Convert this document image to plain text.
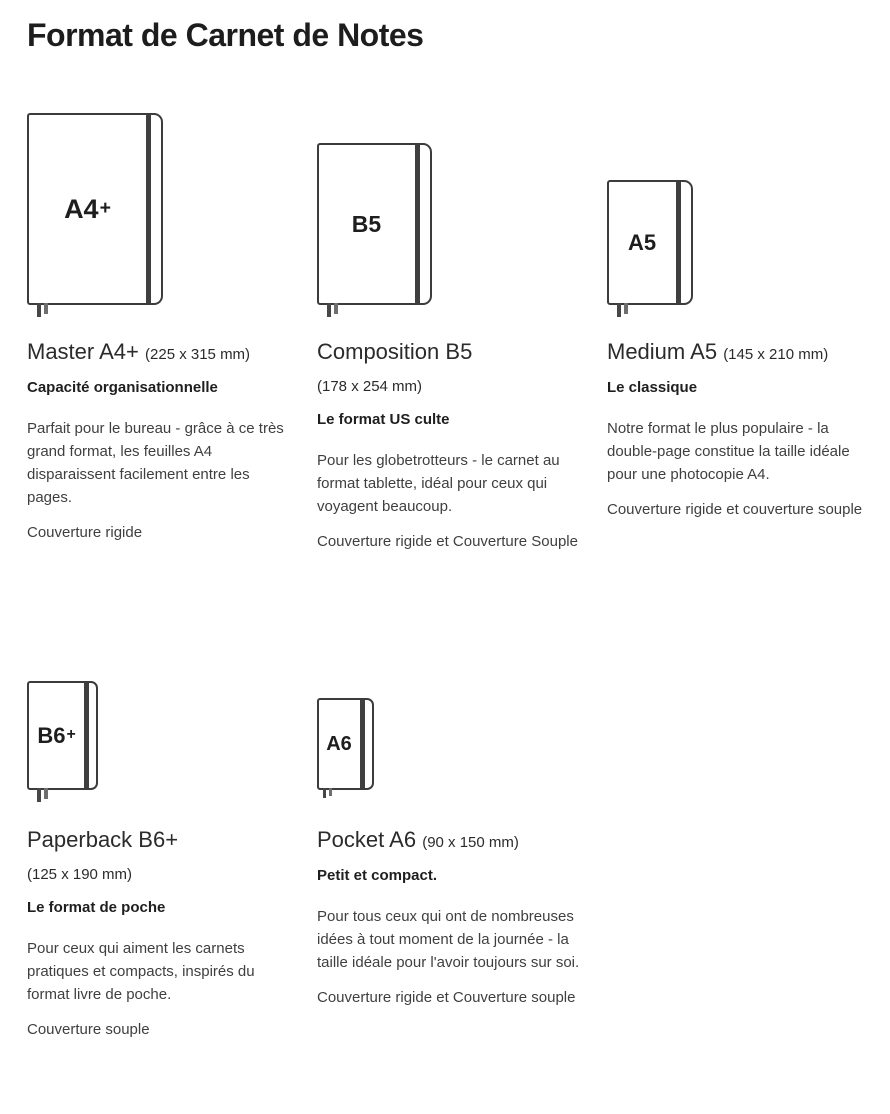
Format de Carnet de Notes
A4 +
Master A4+ (225 x 315 mm)

Capacité organisationnelle

Parfait pour le bureau - grâce à ce très grand format, les feuilles A4 disparaissent facilement entre les pages.

Couverture rigide

B5
Composition B5 (178 x 254 mm)

Le format US culte

Pour les globetrotteurs - le carnet au format tablette, idéal pour ceux qui voyagent beaucoup.

Couverture rigide et Couverture Souple

A5
Medium A5 (145 x 210 mm)

Le classique

Notre format le plus populaire - la double-page constitue la taille idéale pour une photocopie A4.

Couverture rigide et couverture souple

B6 +
Paperback B6+ (125 x 190 mm)

Le format de poche

Pour ceux qui aiment les carnets pratiques et compacts, inspirés du format livre de poche.

Couverture souple

A6
Pocket A6 (90 x 150 mm)

Petit et compact.

Pour tous ceux qui ont de nombreuses idées à tout moment de la journée - la taille idéale pour l'avoir toujours sur soi.

Couverture rigide et Couverture souple
